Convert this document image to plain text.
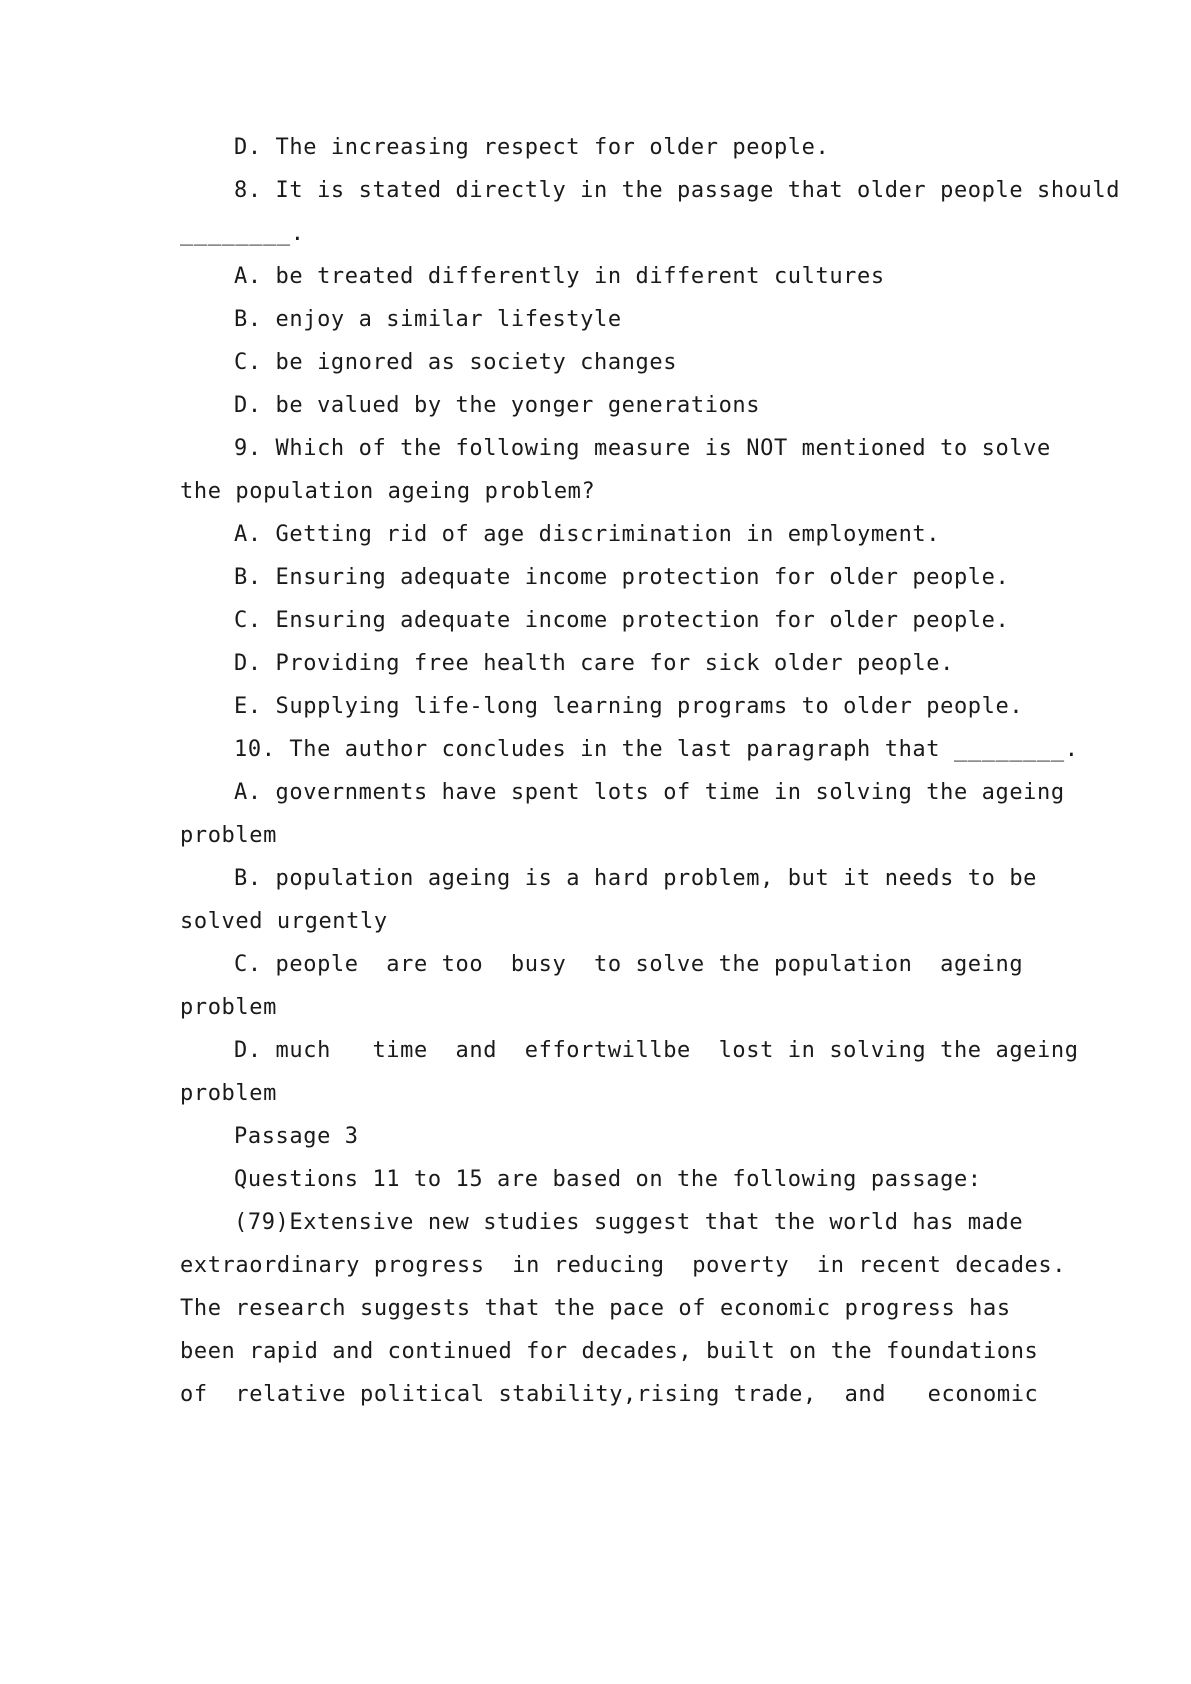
D. The increasing respect for older people.
8. It is stated directly in the passage that older people should
________.
A. be treated differently in different cultures
B. enjoy a similar lifestyle
C. be ignored as society changes
D. be valued by the yonger generations
9. Which of the following measure is NOT mentioned to solve
the population ageing problem?
A. Getting rid of age discrimination in employment.
B. Ensuring adequate income protection for older people.
C. Ensuring adequate income protection for older people.
D. Providing free health care for sick older people.
E. Supplying life-long learning programs to older people.
10. The author concludes in the last paragraph that ________.
A. governments have spent lots of time in solving the ageing
problem
B. population ageing is a hard problem, but it needs to be
solved urgently
C. people  are too  busy  to solve the population  ageing
problem
D. much   time  and  effortwillbe  lost in solving the ageing
problem
Passage 3
Questions 11 to 15 are based on the following passage:
(79)Extensive new studies suggest that the world has made
extraordinary progress  in reducing  poverty  in recent decades.
The research suggests that the pace of economic progress has
been rapid and continued for decades, built on the foundations
of  relative political stability,rising trade,  and   economic
